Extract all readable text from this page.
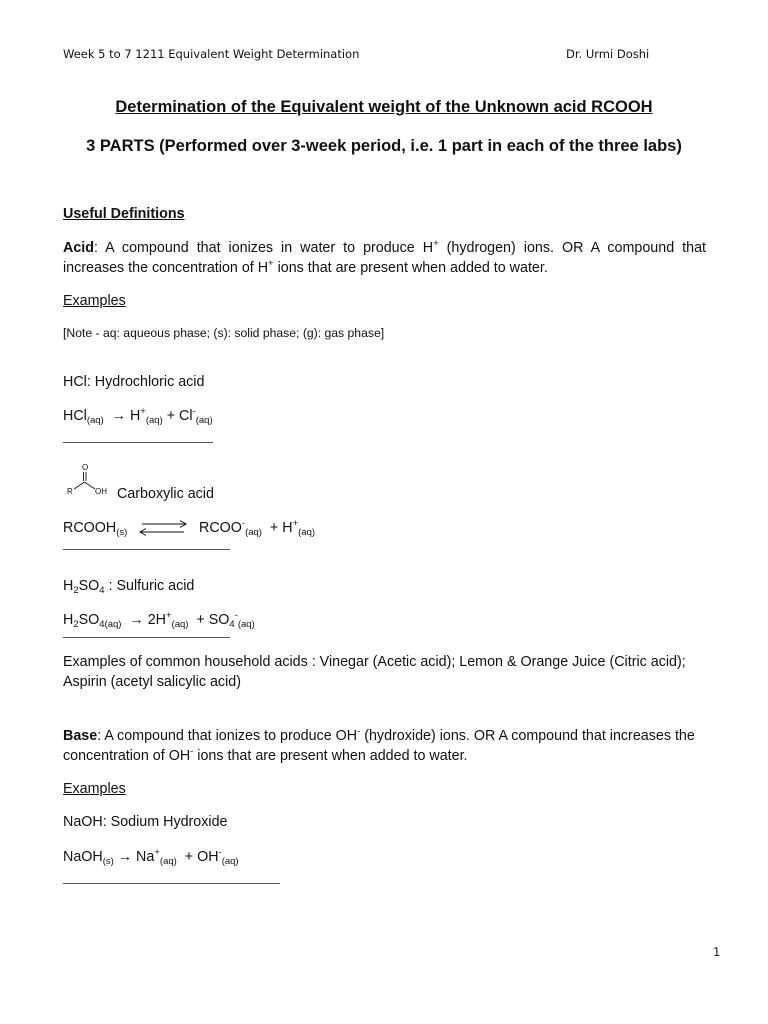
Week 5 to 7 1211 Equivalent Weight Determination	Dr. Urmi Doshi
Determination of the Equivalent weight of the Unknown acid RCOOH
3 PARTS (Performed over 3-week period, i.e. 1 part in each of the three labs)
Useful Definitions
Acid: A compound that ionizes in water to produce H+ (hydrogen) ions. OR A compound that increases the concentration of H+ ions that are present when added to water.
Examples
[Note - aq: aqueous phase; (s): solid phase; (g): gas phase]
HCl: Hydrochloric acid
$HCl_{(aq)} \to H^+_{(aq)} + Cl^-_{(aq)}$
O
R	OH Carboxylic acid
$RCOOH_{(s)}$ ⇌ $RCOO^-_{(aq)} + H^+_{(aq)}$
$H_2SO_4$ : Sulfuric acid
$H_2SO_{4(aq)} \to 2H^+_{(aq)} + SO_4^-_{(aq)}$
Examples of common household acids : Vinegar (Acetic acid); Lemon & Orange Juice (Citric acid); Aspirin (acetyl salicylic acid)
Base: A compound that ionizes to produce OH- (hydroxide) ions. OR A compound that increases the concentration of OH- ions that are present when added to water.
Examples
NaOH: Sodium Hydroxide
NaOH$_{(s)}$ → $Na^+_{(aq)} + OH^-_{(aq)}$
1
